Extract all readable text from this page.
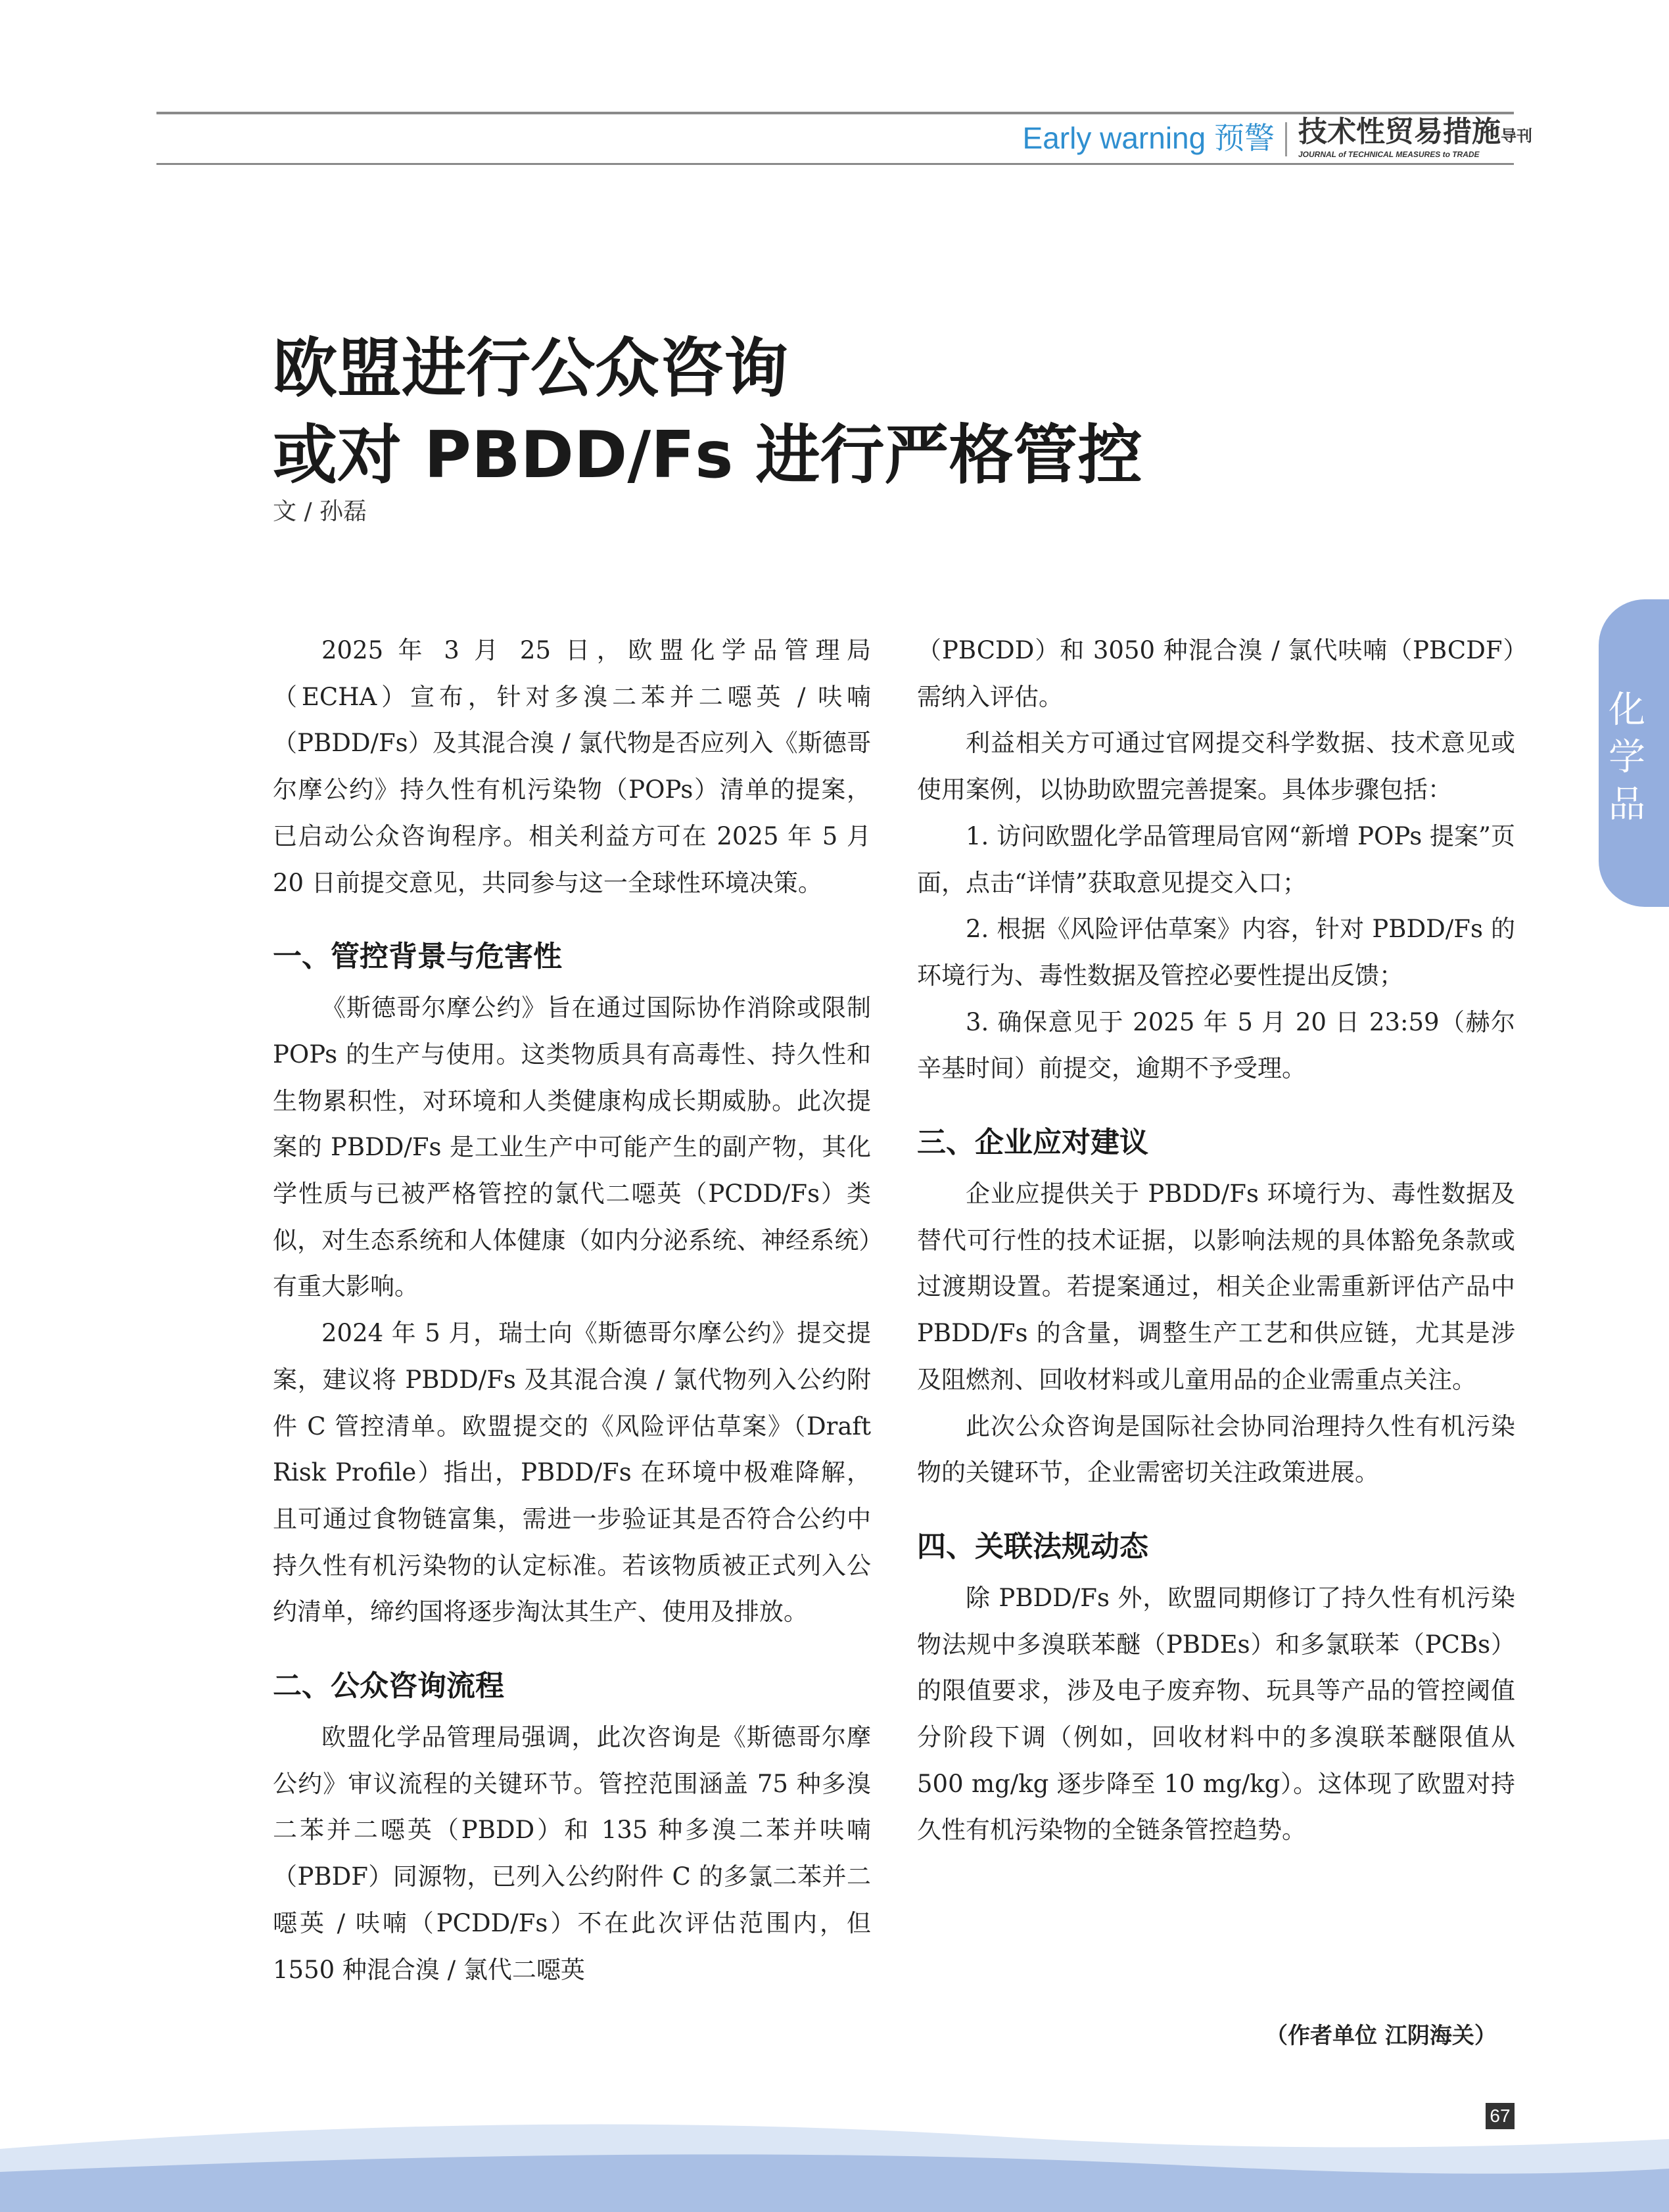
Early warning 预警 技术性贸易措施导刊
JOURNAL of TECHNICAL MEASURES to TRADE
欧盟进行公众咨询
或对 PBDD/Fs 进行严格管控
文 / 孙磊
化学品

2025 年 3 月 25 日，欧盟化学品管理局（ECHA）宣布，针对多溴二苯并二噁英 / 呋喃（PBDD/Fs）及其混合溴 / 氯代物是否应列入《斯德哥尔摩公约》持久性有机污染物（POPs）清单的提案，已启动公众咨询程序。相关利益方可在 2025 年 5 月 20 日前提交意见，共同参与这一全球性环境决策。

一、管控背景与危害性

《斯德哥尔摩公约》旨在通过国际协作消除或限制 POPs 的生产与使用。这类物质具有高毒性、持久性和生物累积性，对环境和人类健康构成长期威胁。此次提案的 PBDD/Fs 是工业生产中可能产生的副产物，其化学性质与已被严格管控的氯代二噁英（PCDD/Fs）类似，对生态系统和人体健康（如内分泌系统、神经系统）有重大影响。

2024 年 5 月，瑞士向《斯德哥尔摩公约》提交提案，建议将 PBDD/Fs 及其混合溴 / 氯代物列入公约附件 C 管控清单。欧盟提交的《风险评估草案》（Draft Risk Profile）指出，PBDD/Fs 在环境中极难降解，且可通过食物链富集，需进一步验证其是否符合公约中持久性有机污染物的认定标准。若该物质被正式列入公约清单，缔约国将逐步淘汰其生产、使用及排放。

二、公众咨询流程

欧盟化学品管理局强调，此次咨询是《斯德哥尔摩公约》审议流程的关键环节。管控范围涵盖 75 种多溴二苯并二噁英（PBDD）和 135 种多溴二苯并呋喃（PBDF）同源物，已列入公约附件 C 的多氯二苯并二噁英 / 呋喃（PCDD/Fs）不在此次评估范围内，但 1550 种混合溴 / 氯代二噁英

（PBCDD）和 3050 种混合溴 / 氯代呋喃（PBCDF）需纳入评估。

利益相关方可通过官网提交科学数据、技术意见或使用案例，以协助欧盟完善提案。具体步骤包括：

1. 访问欧盟化学品管理局官网“新增 POPs 提案”页面，点击“详情”获取意见提交入口；

2. 根据《风险评估草案》内容，针对 PBDD/Fs 的环境行为、毒性数据及管控必要性提出反馈；

3. 确保意见于 2025 年 5 月 20 日 23:59（赫尔辛基时间）前提交，逾期不予受理。

三、企业应对建议

企业应提供关于 PBDD/Fs 环境行为、毒性数据及替代可行性的技术证据，以影响法规的具体豁免条款或过渡期设置。若提案通过，相关企业需重新评估产品中 PBDD/Fs 的含量，调整生产工艺和供应链，尤其是涉及阻燃剂、回收材料或儿童用品的企业需重点关注。

此次公众咨询是国际社会协同治理持久性有机污染物的关键环节，企业需密切关注政策进展。

四、关联法规动态

除 PBDD/Fs 外，欧盟同期修订了持久性有机污染物法规中多溴联苯醚（PBDEs）和多氯联苯（PCBs）的限值要求，涉及电子废弃物、玩具等产品的管控阈值分阶段下调（例如，回收材料中的多溴联苯醚限值从 500 mg/kg 逐步降至 10 mg/kg）。这体现了欧盟对持久性有机污染物的全链条管控趋势。

（作者单位 江阴海关）
67
